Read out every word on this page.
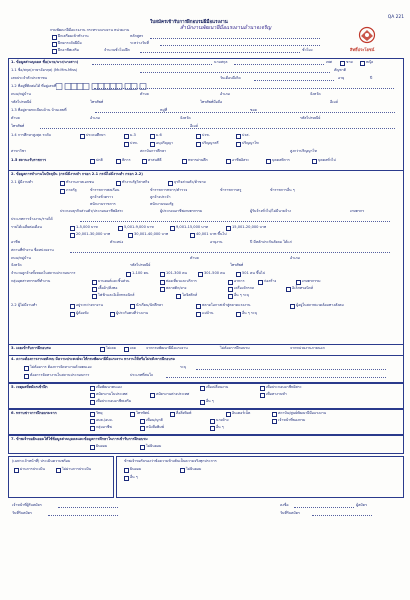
QA 221
ใบสมัครเข้ารับการฝึกอบรมฝีมือแรงงาน
กรมพัฒนาฝีมือแรงงาน กระทรวงแรงงาน หน่วยงาน	สำนักงานพัฒนาฝีมือแรงงานอำนาจเจริญ
ฝึกเตรียมเข้าทำงาน	หลักสูตร
ฝึกยกระดับฝีมือ	ระหว่างวันที่
ฝึกอาชีพเสริม	จำนวนชั่วโมงฝึก	ชั่วโมง	สิทธิ์ประโยชน์
1. ข้อมูลส่วนบุคคล ชื่อ(นาย/นาง/นางสาว)	นามสกุล	เพศ	ชาย	หญิง
1.1 ชื่อ/สกุล(ภาษาอังกฤษ) (Mr.Mrs.Miss)	สัญชาติ
เลขประจำตัวประชาชน	วันเดือนปีเกิด	อายุ	ปี
1.2 ที่อยู่ที่ติดต่อได้ ที่อยู่เลขที่
ถนน/หมู่บ้าน	ตำบล	อำเภอ	จังหวัด
รหัสไปรษณีย์	โทรศัพท์	โทรศัพท์มือถือ	อีเมล์
1.3 ที่อยู่ตามทะเบียนบ้าน บ้านเลขที่	หมู่ที่	ซอย
ตำบล	อำเภอ	จังหวัด	รหัสไปรษณีย์
โทรศัพท์	อีเมล์
1.4 การศึกษาสูงสุด ระดับ	ประถมศึกษา	ม.3	ม.6	ปวช.	ปวส.
ปวท.	อนุปริญญา	ปริญญาตรี	ปริญญาโท
สาขาวิชา	สถาบันการศึกษา	สูงกว่าปริญญาโท
1.5 สถานะรับราชการ	ปกติ	พิการ	ศาสนพิธี	ทหารผ่านศึก	อาชีพอิสระ	บุคคลพิการ	บุคคลทั่วไป
2. ข้อมูลการทำงานในปัจจุบัน (กรณีมีงานทำ กรอก 2.1 กรณีไม่มีงานทำ กรอก 2.2)
2.1 ผู้มีงานทำ	ทำงานภาคเอกชน	ทำงานรัฐวิสาหกิจ	ธุรกิจส่วนตัว/ค้าขาย
ภาครัฐ	ข้าราชการพลเรือน	ข้าราชการทหาร/ตำรวจ	ข้าราชการครู	ข้าราชการอื่น ๆ
ลูกจ้างชั่วคราว	ลูกจ้างประจำ
พนักงานราชการ	พนักงานของรัฐ
ประกอบธุรกิจส่วนตัว/ประกอบอาชีพอิสระ	ผู้ประกอบอาชีพเกษตรกรรม	ผู้รับจ้างทั่วไป/ไม่มีนายจ้าง	เกษตรกร
ประเภทการจ้างงาน/รายได้
รายได้เฉลี่ยต่อเดือน	1-5,000 บาท	5,001-9,000 บาท	9,001-15,000 บาท	15,001-20,000 บาท
20,001-30,000 บาท	30,001-40,000 บาท	40,001 บาท ขึ้นไป
อาชีพ	ตำแหน่ง	อายุงาน	ปี มีหลักประกันสังคม ได้แก่
สถานที่ทำงาน ชื่อหน่วยงาน
ถนน/หมู่บ้าน	ตำบล	อำเภอ
จังหวัด	รหัสไปรษณีย์	โทรศัพท์
จำนวนลูกจ้างทั้งหมดในสถานประกอบการ	1-100 คน	101-300 คน	301-500 คน	501 คน ขึ้นไป
กลุ่มอุตสาหกรรมที่ทำงาน	ยานยนต์และชิ้นส่วน	ท่องเที่ยวและบริการ	อาหาร	ก่อสร้าง	เกษตรกรรม
เสื้อผ้า/สิ่งทอ	พลาสติก/ยาง	เครื่องจักรกล	อิเล็กทรอนิกส์
ไฟฟ้าและอิเล็กทรอนิกส์	โลจิสติกส์	อื่น ๆ ระบุ
2.2 ผู้ไม่มีงานทำ	อยู่ระหว่างหางาน	นักเรียน/นักศึกษา	พลาดโอกาสเข้าสู่ตลาดแรงงาน	ผู้อยู่ในสภาพแวดล้อมทางสังคม
ผู้ต้องขัง	ผู้ประกันตนที่ว่างงาน	แม่บ้าน	อื่น ๆ ระบุ
3. เคยเข้ารับการฝึกอบรม	ไม่เคย	เคย	จากกรมพัฒนาฝีมือแรงงาน	ไม่ต้องการฝึกอบรม	จากหน่วยงานภายนอก
4. ความต้องการงานหลังจบ มีความประสงค์จะให้กรมพัฒนาฝีมือแรงงาน หางานให้หรือไม่หลังจากฝึกอบรม
ไม่ต้องการ ต้องการจัดหางานด้วยตนเอง	ระบุ
ต้องการจัดหางานในสถานประกอบการ	ประเภทที่สนใจ
5. เหตุผลที่สมัครเข้าฝึก	เพื่อพัฒนาตนเอง	เพื่อเปลี่ยนงาน	เพื่อประกอบอาชีพอิสระ
สมัครงานในประเทศ	สมัครงานต่างประเทศ	เพื่อหางานทำ
เพื่อประกอบอาชีพเสริม	อื่น ๆ
6. ทราบข่าวการฝึกอบรมจาก	วิทยุ	โทรทัศน์	สื่อสิ่งพิมพ์	อินเตอร์เน็ต	สถาบัน/ศูนย์พัฒนาฝีมือแรงงาน
อบต./อบจ.	เพื่อน/ญาติ	นายจ้าง	เจ้าหน้าที่ของกรม
กลุ่มอาชีพ	หนังสือพิมพ์	อื่น ๆ
7. ข้าพเจ้าขอยินยอมให้ใช้ข้อมูลส่วนบุคคลและข้อมูลการศึกษาในการเข้ารับการฝึกอบรม
ยินยอม	ไม่ยินยอม
(เฉพาะเจ้าหน้าที่) ประเมินความพร้อม
ผ่านการประเมิน	ไม่ผ่านการประเมิน
ข้าพเจ้าขอรับรองว่าข้อความข้างต้นเป็นความจริงทุกประการ
ยินยอม	ไม่ยินยอม
อื่น ๆ
เจ้าหน้าที่ผู้รับสมัคร
วันที่รับสมัคร
ลงชื่อ	ผู้สมัคร
วันที่รับสมัคร
